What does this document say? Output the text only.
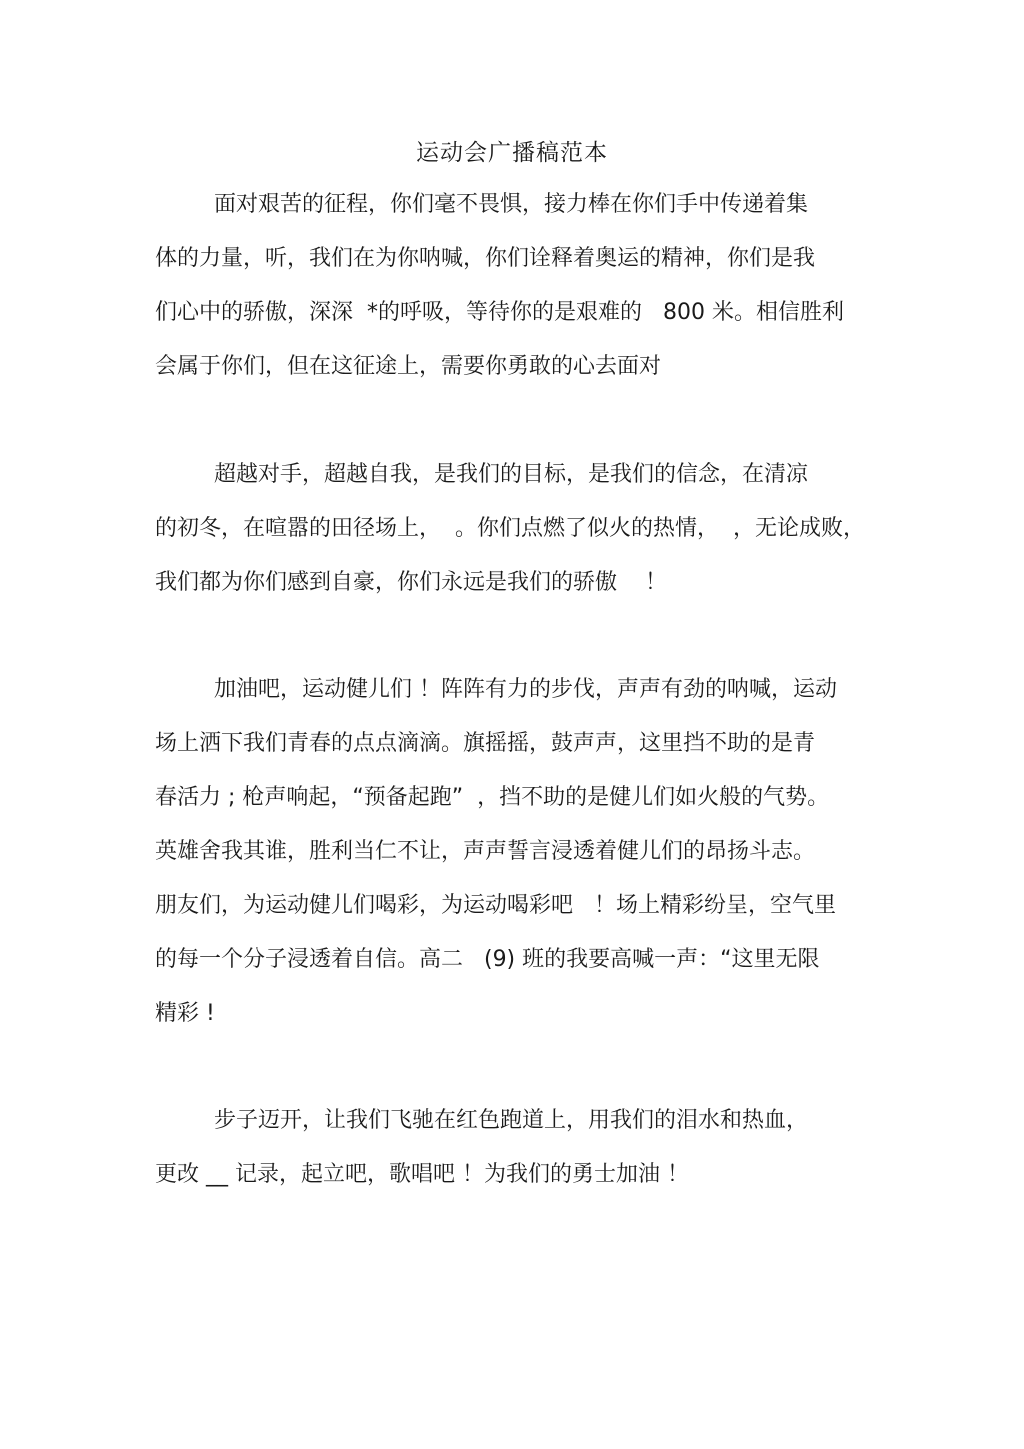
运动会广播稿范本
面对艰苦的征程，你们毫不畏惧，接力棒在你们手中传递着集
体的力量，听，我们在为你呐喊，你们诠释着奥运的精神，你们是我
们心中的骄傲，深深  *的呼吸，等待你的是艰难的   800 米。相信胜利
会属于你们，但在这征途上，需要你勇敢的心去面对
超越对手，超越自我，是我们的目标，是我们的信念，在清凉
的初冬，在喧嚣的田径场上，  。你们点燃了似火的热情，  ，无论成败，
我们都为你们感到自豪，你们永远是我们的骄傲    ！
加油吧，运动健儿们 ！阵阵有力的步伐，声声有劲的呐喊，运动
场上洒下我们青春的点点滴滴。旗摇摇，鼓声声，这里挡不助的是青
春活力 ; 枪声响起，“预备起跑”  ，挡不助的是健儿们如火般的气势。
英雄舍我其谁，胜利当仁不让，声声誓言浸透着健儿们的昂扬斗志。
朋友们，为运动健儿们喝彩，为运动喝彩吧   ！场上精彩纷呈，空气里
的每一个分子浸透着自信。高二   (9) 班的我要高喊一声：“这里无限
精彩 !
步子迈开，让我们飞驰在红色跑道上，用我们的泪水和热血，
更改 __ 记录，起立吧，歌唱吧 ！为我们的勇士加油 ！
